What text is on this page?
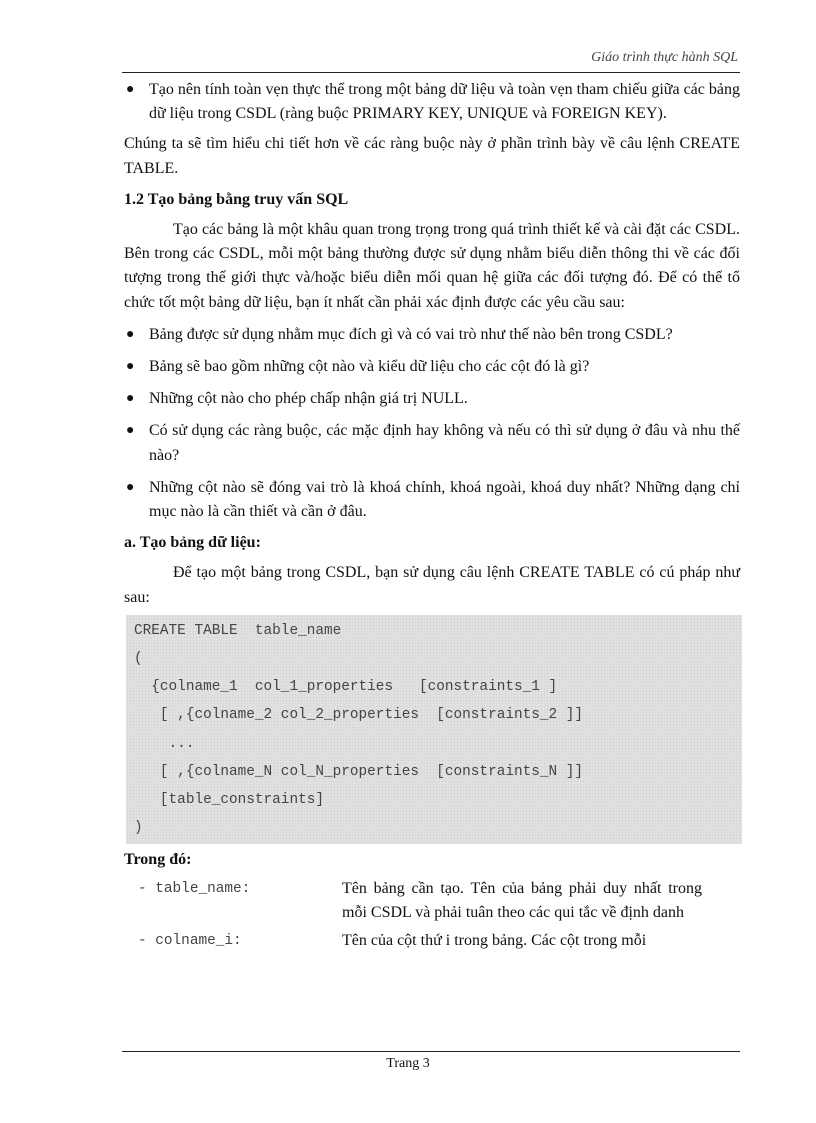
Giáo trình thực hành SQL
● Tạo nên tính toàn vẹn thực thể trong một bảng dữ liệu và toàn vẹn tham chiếu giữa các bảng dữ liệu trong CSDL (ràng buộc PRIMARY KEY, UNIQUE và FOREIGN KEY).

Chúng ta sẽ tìm hiểu chi tiết hơn về các ràng buộc này ở phần trình bày về câu lệnh CREATE TABLE.

1.2 Tạo bảng bằng truy vấn SQL

Tạo các bảng là một khâu quan trong trọng trong quá trình thiết kế và cài đặt các CSDL. Bên trong các CSDL, mỗi một bảng thường được sử dụng nhằm biểu diễn thông thi về các đối tượng trong thế giới thực và/hoặc biểu diễn mối quan hệ giữa các đối tượng đó. Để có thể tổ chức tốt một bảng dữ liệu, bạn ít nhất cần phải xác định được các yêu cầu sau:

● Bảng được sử dụng nhằm mục đích gì và có vai trò như thế nào bên trong CSDL?
● Bảng sẽ bao gồm những cột nào và kiểu dữ liệu cho các cột đó là gì?
● Những cột nào cho phép chấp nhận giá trị NULL.
● Có sử dụng các ràng buộc, các mặc định hay không và nếu có thì sử dụng ở đâu và nhu thế nào?
● Những cột nào sẽ đóng vai trò là khoá chính, khoá ngoài, khoá duy nhất? Những dạng chỉ mục nào là cần thiết và cần ở đâu.

a. Tạo bảng dữ liệu:

Để tạo một bảng trong CSDL, bạn sử dụng câu lệnh CREATE TABLE có cú pháp như sau:

CREATE TABLE  table_name
(
{colname_1  col_1_properties   [constraints_1 ]
[ ,{colname_2 col_2_properties  [constraints_2 ]]
...
[ ,{colname_N col_N_properties  [constraints_N ]]
[table_constraints]
)

Trong đó:

- table_name:	Tên bảng cần tạo. Tên của bảng phải duy nhất trong mỗi CSDL và phải tuân theo các qui tắc về định danh
- colname_i:	Tên của cột thứ i trong bảng. Các cột trong mỗi
Trang 3
